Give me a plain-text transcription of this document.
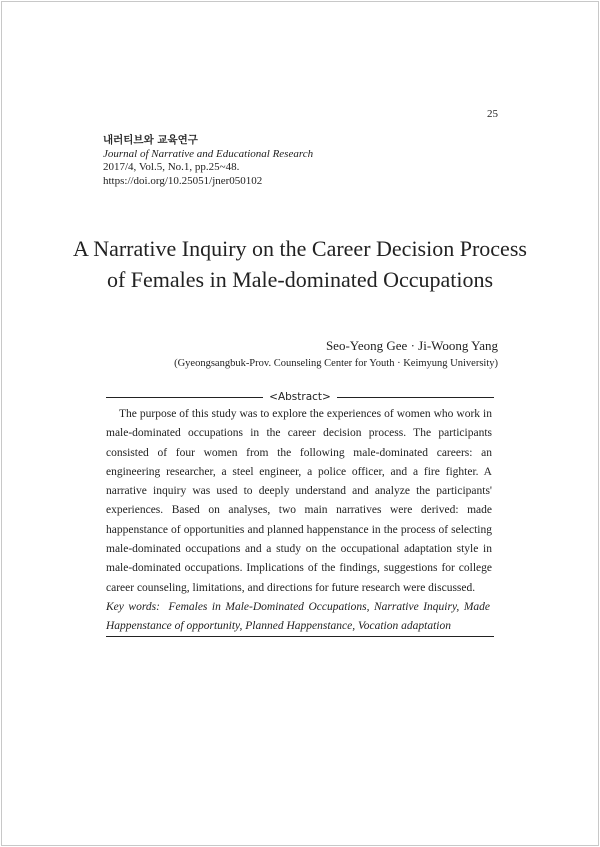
25
내러티브와 교육연구
Journal of Narrative and Educational Research
2017/4, Vol.5, No.1, pp.25~48.
https://doi.org/10.25051/jner050102
A Narrative Inquiry on the Career Decision Process
of Females in Male-dominated Occupations
Seo-Yeong Gee · Ji-Woong Yang
(Gyeongsangbuk-Prov. Counseling Center for Youth · Keimyung University)
<Abstract>

The purpose of this study was to explore the experiences of women who work in male-dominated occupations in the career decision process. The participants consisted of four women from the following male-dominated careers: an engineering researcher, a steel engineer, a police officer, and a fire fighter. A narrative inquiry was used to deeply understand and analyze the participants' experiences. Based on analyses, two main narratives were derived: made happenstance of opportunities and planned happenstance in the process of selecting male-dominated occupations and a study on the occupational adaptation style in male-dominated occupations. Implications of the findings, suggestions for college career counseling, limitations, and directions for future research were discussed.

Key words: Females in Male-Dominated Occupations, Narrative Inquiry, Made Happenstance of opportunity, Planned Happenstance, Vocation adaptation
